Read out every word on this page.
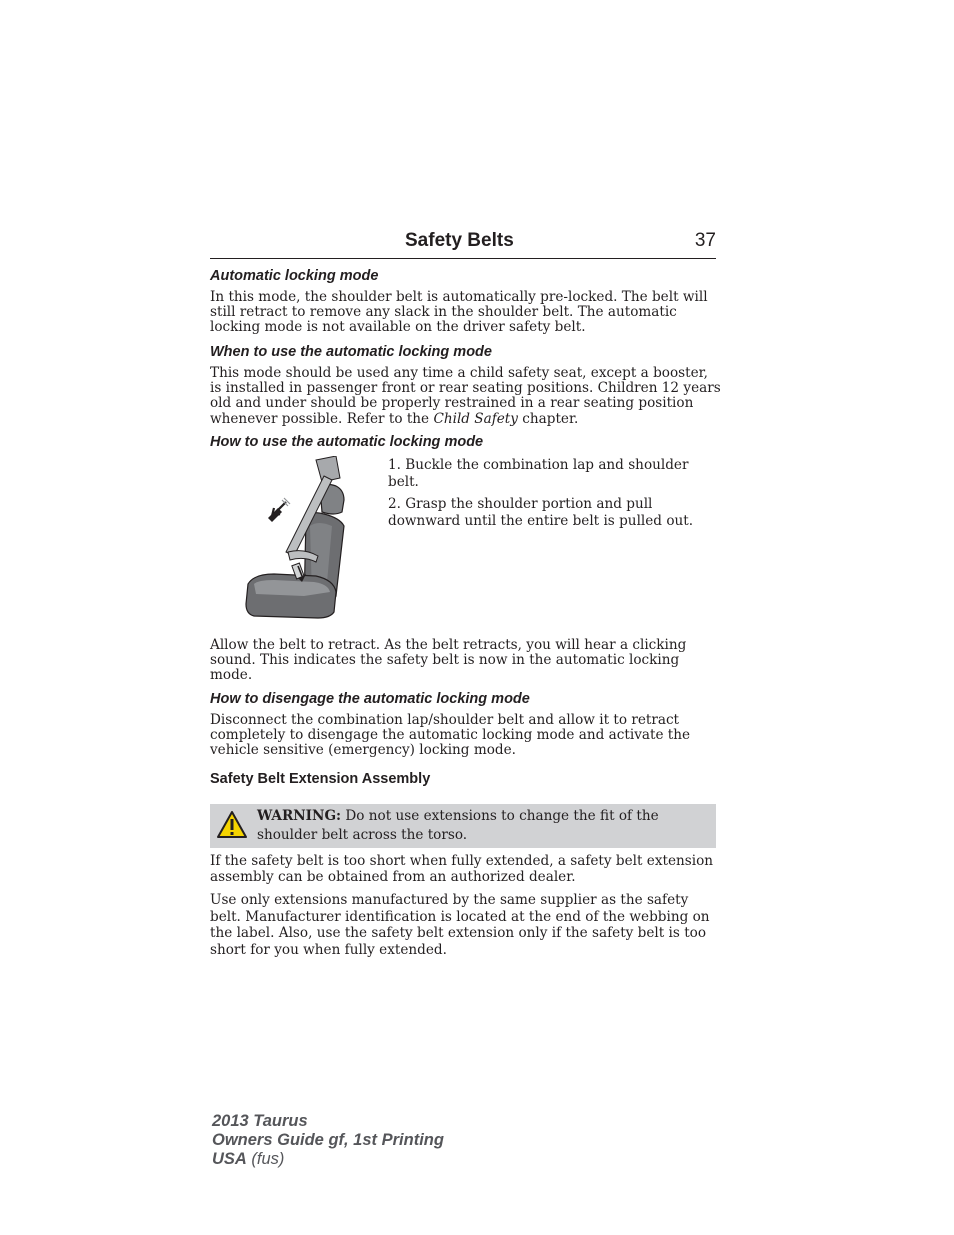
Safety Belts	37
Automatic locking mode
In this mode, the shoulder belt is automatically pre-locked. The belt will
still retract to remove any slack in the shoulder belt. The automatic
locking mode is not available on the driver safety belt.
When to use the automatic locking mode
This mode should be used any time a child safety seat, except a booster,
is installed in passenger front or rear seating positions. Children 12 years
old and under should be properly restrained in a rear seating position
whenever possible. Refer to the Child Safety chapter.
How to use the automatic locking mode
1. Buckle the combination lap and shoulder
belt.
2. Grasp the shoulder portion and pull
downward until the entire belt is pulled out.
Allow the belt to retract. As the belt retracts, you will hear a clicking
sound. This indicates the safety belt is now in the automatic locking
mode.
How to disengage the automatic locking mode
Disconnect the combination lap/shoulder belt and allow it to retract
completely to disengage the automatic locking mode and activate the
vehicle sensitive (emergency) locking mode.
Safety Belt Extension Assembly
WARNING: Do not use extensions to change the fit of the
shoulder belt across the torso.
If the safety belt is too short when fully extended, a safety belt extension
assembly can be obtained from an authorized dealer.
Use only extensions manufactured by the same supplier as the safety
belt. Manufacturer identification is located at the end of the webbing on
the label. Also, use the safety belt extension only if the safety belt is too
short for you when fully extended.
2013 Taurus
Owners Guide gf, 1st Printing
USA (fus)
